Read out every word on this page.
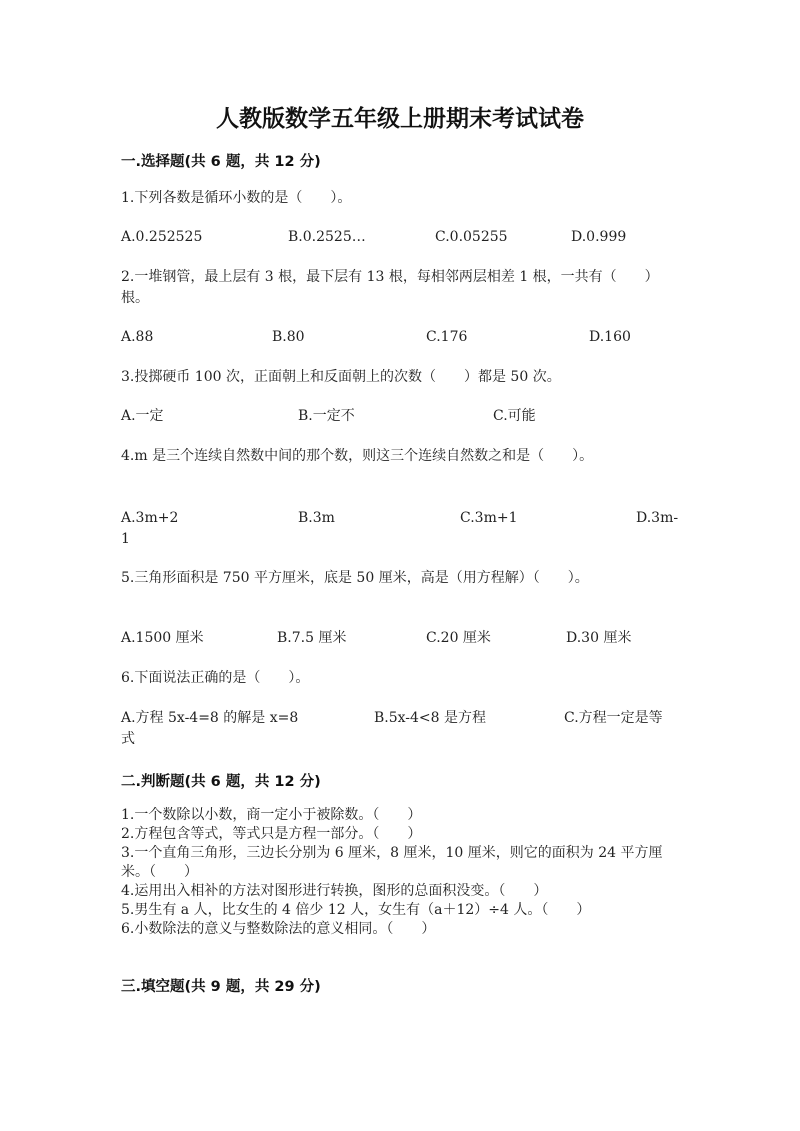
人教版数学五年级上册期末考试试卷
一.选择题(共 6 题，共 12 分)
1.下列各数是循环小数的是（　　）。
A.0.252525	B.0.2525…	C.0.05255	D.0.999
2.一堆钢管，最上层有 3 根，最下层有 13 根，每相邻两层相差 1 根，一共有（　　）根。
A.88	B.80	C.176	D.160
3.投掷硬币 100 次，正面朝上和反面朝上的次数（　　）都是 50 次。
A.一定	B.一定不	C.可能
4.m 是三个连续自然数中间的那个数，则这三个连续自然数之和是（　　）。
A.3m+2	B.3m	C.3m+1	D.3m-
1
5.三角形面积是 750 平方厘米，底是 50 厘米，高是（用方程解）（　　）。
A.1500 厘米	B.7.5 厘米	C.20 厘米	D.30 厘米
6.下面说法正确的是（　　）。
A.方程 5x-4=8 的解是 x=8	B.5x-4<8 是方程	C.方程一定是等
式
二.判断题(共 6 题，共 12 分)
1.一个数除以小数，商一定小于被除数。（　　）
2.方程包含等式，等式只是方程一部分。（　　）
3.一个直角三角形，三边长分别为 6 厘米，8 厘米，10 厘米，则它的面积为 24 平方厘米。（　　）
4.运用出入相补的方法对图形进行转换，图形的总面积没变。（　　）
5.男生有 a 人，比女生的 4 倍少 12 人，女生有（a＋12）÷4 人。（　　）
6.小数除法的意义与整数除法的意义相同。（　　）
三.填空题(共 9 题，共 29 分)
